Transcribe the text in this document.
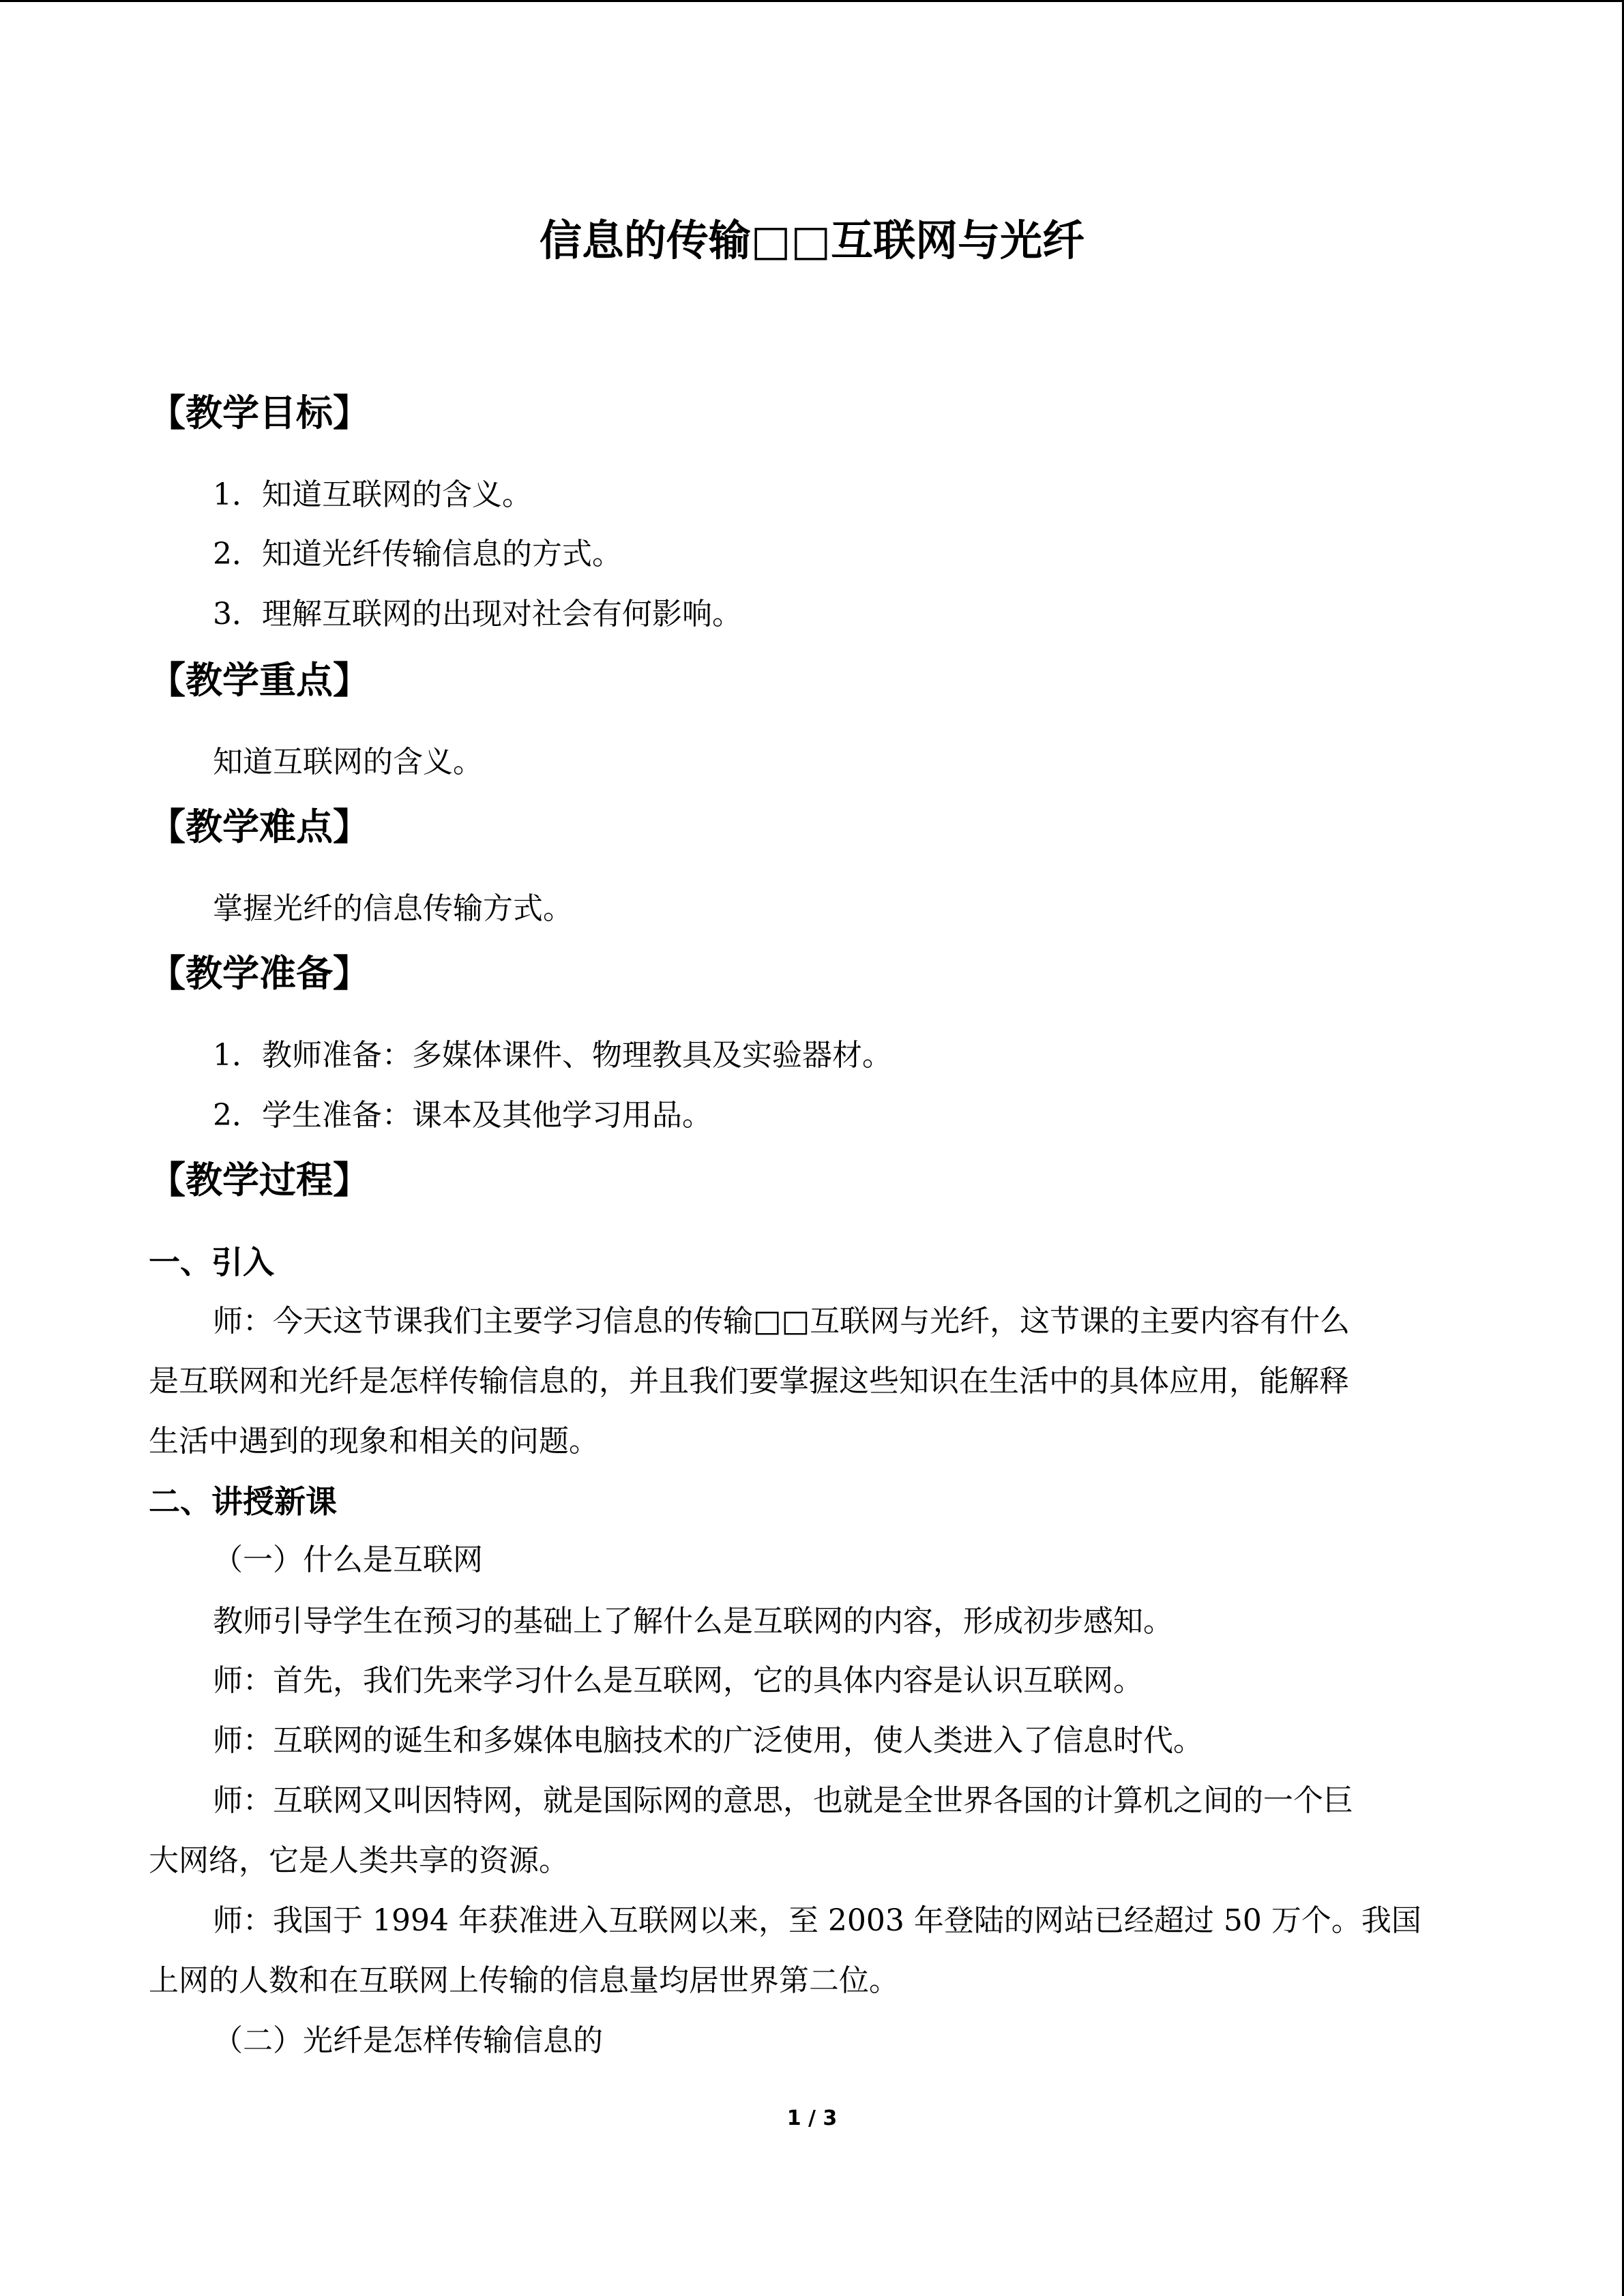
信息的传输□□互联网与光纤
【教学目标】

1．知道互联网的含义。

2．知道光纤传输信息的方式。

3．理解互联网的出现对社会有何影响。

【教学重点】

知道互联网的含义。

【教学难点】

掌握光纤的信息传输方式。

【教学准备】

1．教师准备：多媒体课件、物理教具及实验器材。

2．学生准备：课本及其他学习用品。

【教学过程】
一、引入

师：今天这节课我们主要学习信息的传输□□互联网与光纤，这节课的主要内容有什么

是互联网和光纤是怎样传输信息的，并且我们要掌握这些知识在生活中的具体应用，能解释

生活中遇到的现象和相关的问题。

二、讲授新课

（一）什么是互联网

教师引导学生在预习的基础上了解什么是互联网的内容，形成初步感知。

师：首先，我们先来学习什么是互联网，它的具体内容是认识互联网。

师：互联网的诞生和多媒体电脑技术的广泛使用，使人类进入了信息时代。

师：互联网又叫因特网，就是国际网的意思，也就是全世界各国的计算机之间的一个巨

大网络，它是人类共享的资源。

师：我国于 1994 年获准进入互联网以来，至 2003 年登陆的网站已经超过 50 万个。我国

上网的人数和在互联网上传输的信息量均居世界第二位。

（二）光纤是怎样传输信息的

1 / 3
